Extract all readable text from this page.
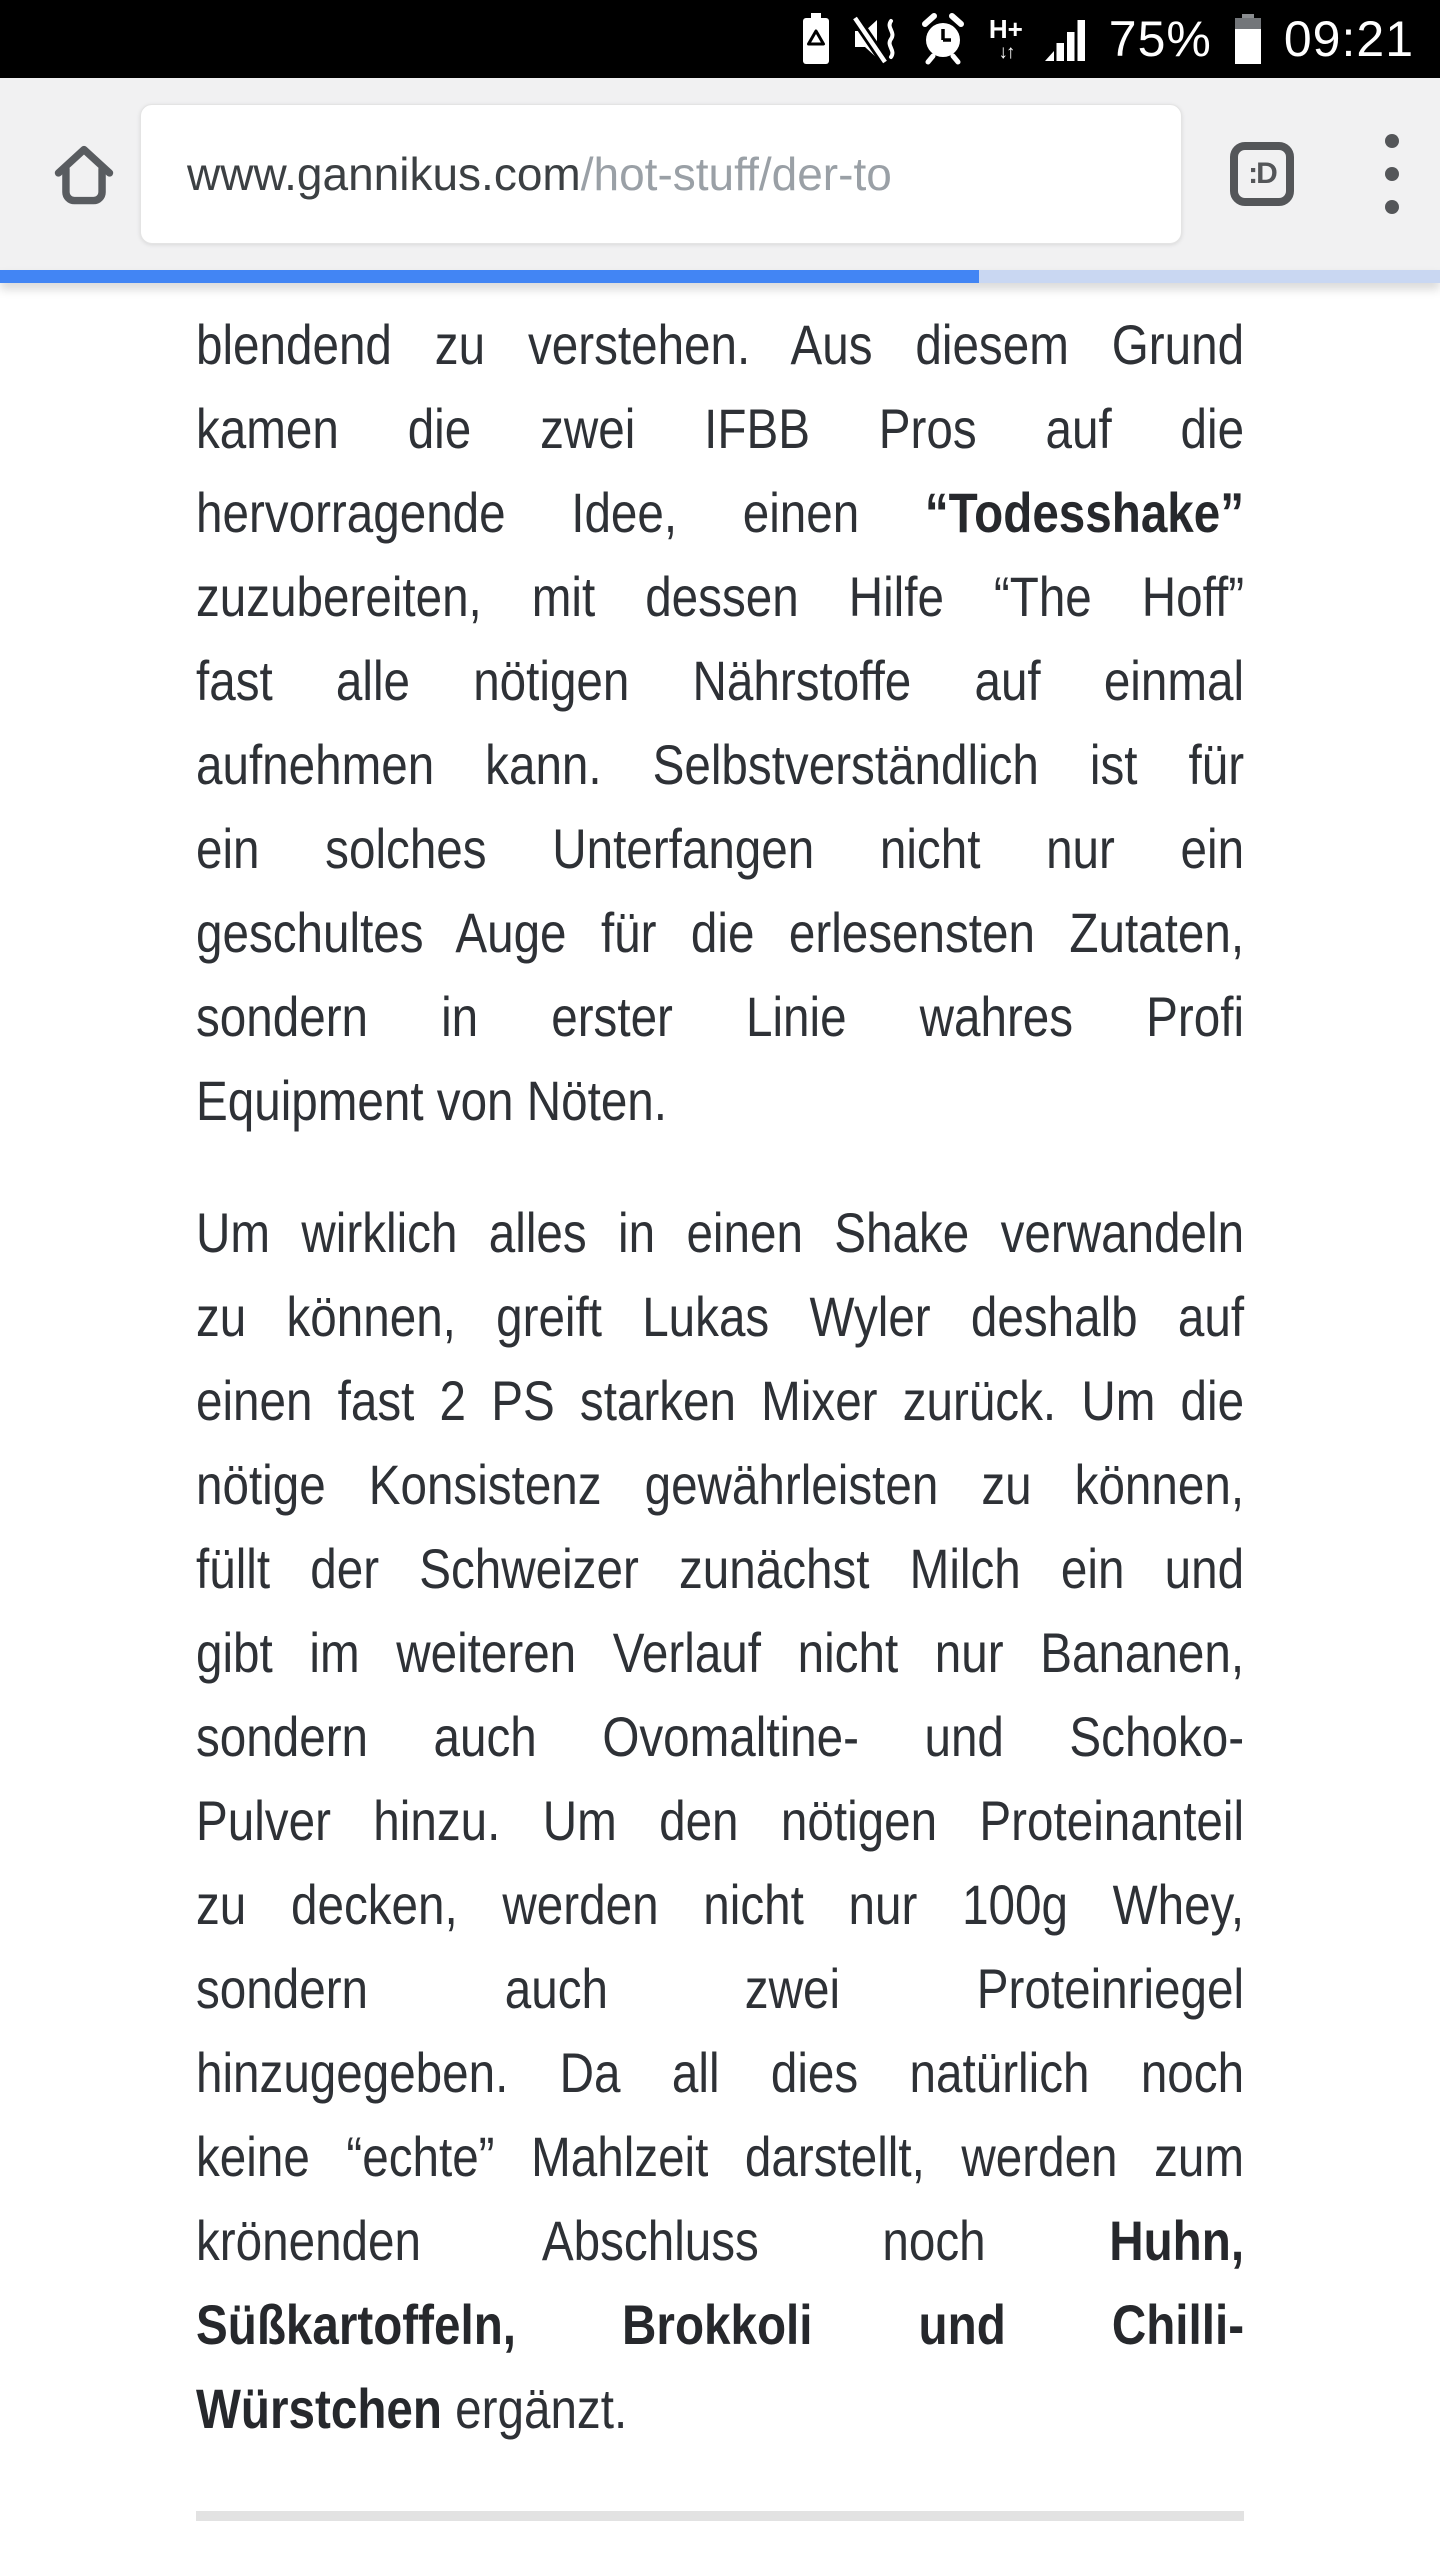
H+
↓↑ 75% 09:21
www.gannikus.com /hot-stuff/der-to	:D
blendend zu verstehen. Aus diesem Grund
kamen die zwei IFBB Pros auf die
hervorragende Idee, einen “Todesshake”
zuzubereiten, mit dessen Hilfe “The Hoff”
fast alle nötigen Nährstoffe auf einmal
aufnehmen kann. Selbstverständlich ist für
ein solches Unterfangen nicht nur ein
geschultes Auge für die erlesensten Zutaten,
sondern in erster Linie wahres Profi
Equipment von Nöten.
Um wirklich alles in einen Shake verwandeln
zu können, greift Lukas Wyler deshalb auf
einen fast 2 PS starken Mixer zurück. Um die
nötige Konsistenz gewährleisten zu können,
füllt der Schweizer zunächst Milch ein und
gibt im weiteren Verlauf nicht nur Bananen,
sondern auch Ovomaltine- und Schoko-
Pulver hinzu. Um den nötigen Proteinanteil
zu decken, werden nicht nur 100g Whey,
sondern auch zwei Proteinriegel
hinzugegeben. Da all dies natürlich noch
keine “echte” Mahlzeit darstellt, werden zum
krönenden Abschluss noch Huhn,
Süßkartoffeln, Brokkoli und Chilli-
Würstchen ergänzt.
